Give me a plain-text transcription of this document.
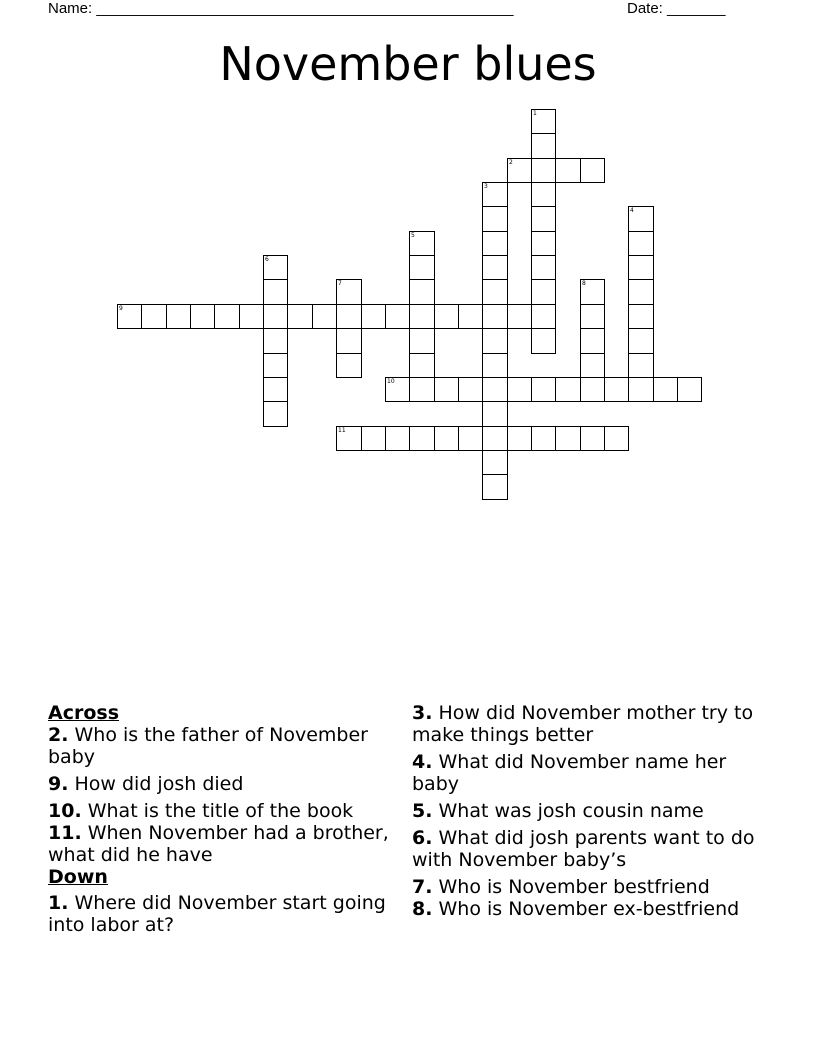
Name: __________________________________________________	Date: _______
November blues
1
2
3
4
5
6
7	8
9
10
11

Across

2. Who is the father of November baby

9. How did josh died

10. What is the title of the book

11. When November had a brother, what did he have

Down

1. Where did November start going into labor at?

3. How did November mother try to make things better

4. What did November name her baby

5. What was josh cousin name

6. What did josh parents want to do with November baby’s

7. Who is November bestfriend

8. Who is November ex-bestfriend
